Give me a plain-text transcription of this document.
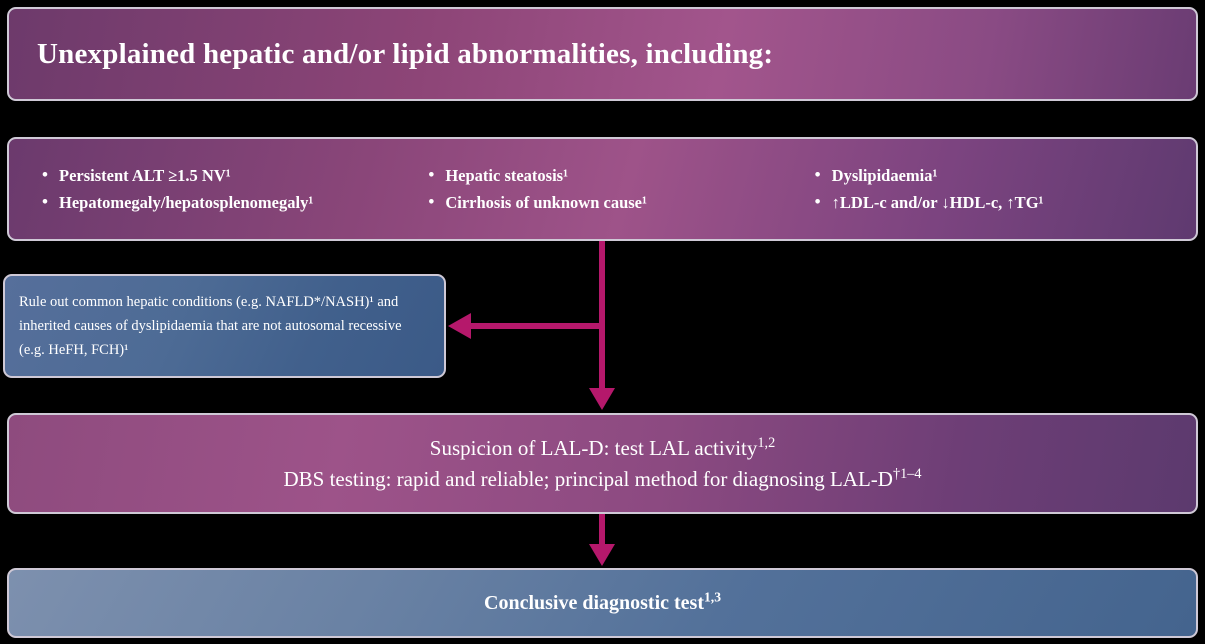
Unexplained hepatic and/or lipid abnormalities, including:
• Persistent ALT ≥1.5 NV¹
• Hepatomegaly/hepatosplenomegaly¹
• Hepatic steatosis¹
• Cirrhosis of unknown cause¹
• Dyslipidaemia¹
• ↑LDL-c and/or ↓HDL-c, ↑TG¹
Rule out common hepatic conditions (e.g. NAFLD*/NASH)¹ and inherited causes of dyslipidaemia that are not autosomal recessive (e.g. HeFH, FCH)¹
Suspicion of LAL-D: test LAL activity$^{1,2}$
DBS testing: rapid and reliable; principal method for diagnosing LAL-$D^{\dagger 1-4}$
Conclusive diagnostic test$^{1,3}$
